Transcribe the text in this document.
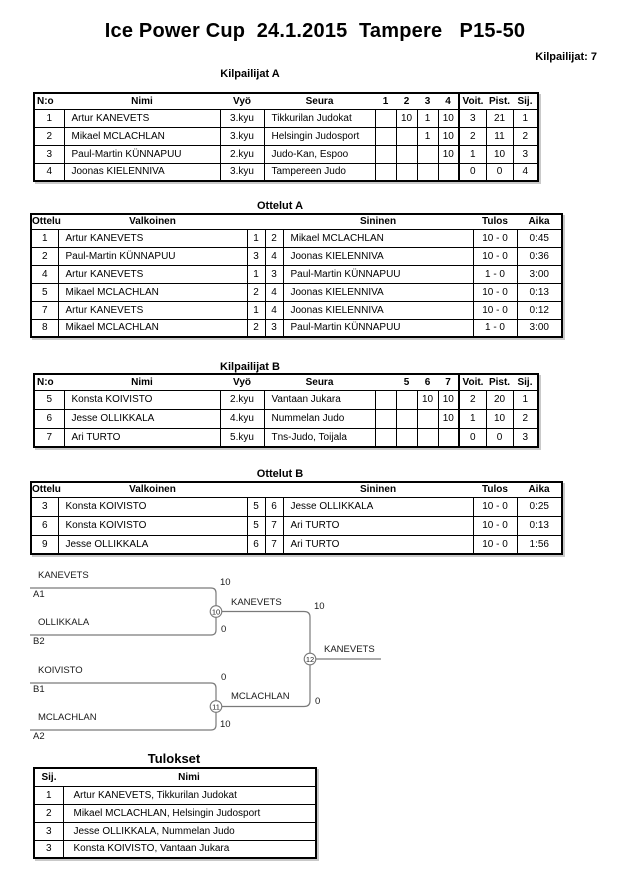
Ice Power Cup  24.1.2015  Tampere   P15-50
Kilpailijat: 7
Kilpailijat A
N:o	Nimi	Vyö	Seura	1	2	3	4	Voit.	Pist.	Sij.
1	Artur KANEVETS	3.kyu	Tikkurilan Judokat		10	1	10	3	21	1
2	Mikael MCLACHLAN	3.kyu	Helsingin Judosport			1	10	2	11	2
3	Paul-Martin KÜNNAPUU	2.kyu	Judo-Kan, Espoo				10	1	10	3
4	Joonas KIELENNIVA	3.kyu	Tampereen Judo					0	0	4
Ottelut A
Ottelu	Valkoinen			Sininen	Tulos	Aika
1	Artur KANEVETS	1	2	Mikael MCLACHLAN	10 - 0	0:45
2	Paul-Martin KÜNNAPUU	3	4	Joonas KIELENNIVA	10 - 0	0:36
4	Artur KANEVETS	1	3	Paul-Martin KÜNNAPUU	1 - 0	3:00
5	Mikael MCLACHLAN	2	4	Joonas KIELENNIVA	10 - 0	0:13
7	Artur KANEVETS	1	4	Joonas KIELENNIVA	10 - 0	0:12
8	Mikael MCLACHLAN	2	3	Paul-Martin KÜNNAPUU	1 - 0	3:00
Kilpailijat B
N:o	Nimi	Vyö	Seura		5	6	7	Voit.	Pist.	Sij.
5	Konsta KOIVISTO	2.kyu	Vantaan Jukara			10	10	2	20	1
6	Jesse OLLIKKALA	4.kyu	Nummelan Judo				10	1	10	2
7	Ari TURTO	5.kyu	Tns-Judo, Toijala					0	0	3
Ottelut B
Ottelu	Valkoinen			Sininen	Tulos	Aika
3	Konsta KOIVISTO	5	6	Jesse OLLIKKALA	10 - 0	0:25
6	Konsta KOIVISTO	5	7	Ari TURTO	10 - 0	0:13
9	Jesse OLLIKKALA	6	7	Ari TURTO	10 - 0	1:56
10
11
12
KANEVETS
A1
10
OLLIKKALA
B2
0
KANEVETS	10
KOIVISTO
B1
0
MCLACHLAN
A2
10
MCLACHLAN	0
KANEVETS
Tulokset
Sij.	Nimi
1	Artur KANEVETS, Tikkurilan Judokat
2	Mikael MCLACHLAN, Helsingin Judosport
3	Jesse OLLIKKALA, Nummelan Judo
3	Konsta KOIVISTO, Vantaan Jukara
